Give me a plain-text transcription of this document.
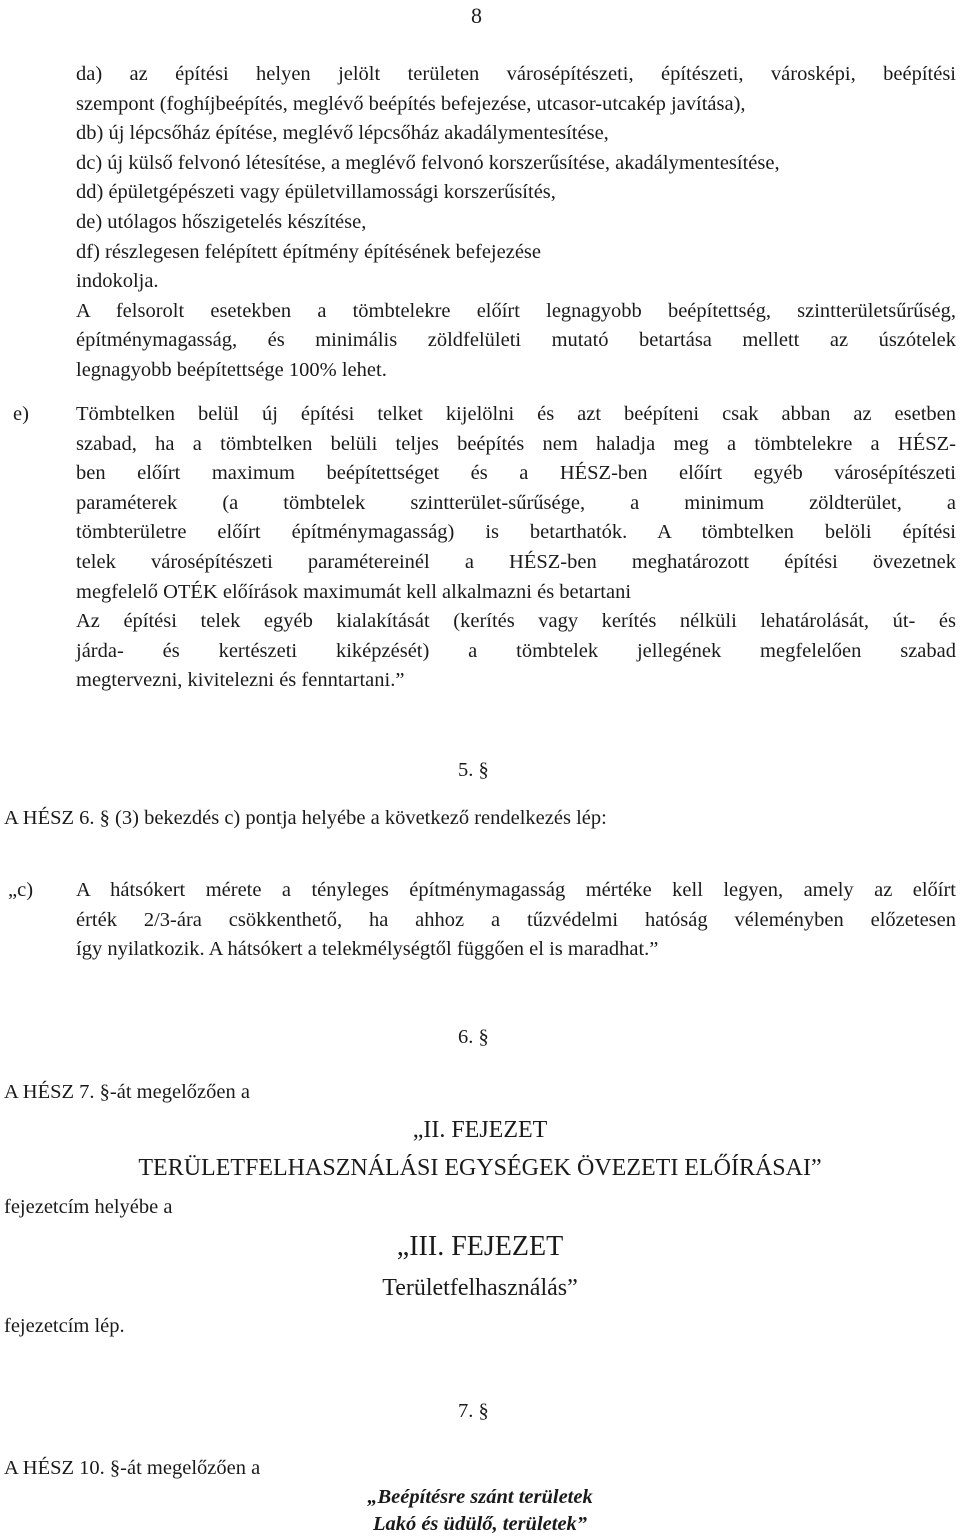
8
da) az építési helyen jelölt területen városépítészeti, építészeti, városképi, beépítési
szempont (foghíjbeépítés, meglévő beépítés befejezése, utcasor-utcakép javítása),
db) új lépcsőház építése, meglévő lépcsőház akadálymentesítése,
dc) új külső felvonó létesítése, a meglévő felvonó korszerűsítése, akadálymentesítése,
dd) épületgépészeti vagy épületvillamossági korszerűsítés,
de) utólagos hőszigetelés készítése,
df) részlegesen felépített építmény építésének befejezése
indokolja.
A felsorolt esetekben a tömbtelekre előírt legnagyobb beépítettség, szintterületsűrűség,
építménymagasság, és minimális zöldfelületi mutató betartása mellett az úszótelek
legnagyobb beépítettsége 100% lehet.
e) Tömbtelken belül új építési telket kijelölni és azt beépíteni csak abban az esetben
szabad, ha a tömbtelken belüli teljes beépítés nem haladja meg a tömbtelekre a HÉSZ-
ben előírt maximum beépítettséget és a HÉSZ-ben előírt egyéb városépítészeti
paraméterek (a tömbtelek szintterület-sűrűsége, a minimum zöldterület, a
tömbterületre előírt építménymagasság) is betarthatók. A tömbtelken belöli építési
telek városépítészeti paramétereinél a HÉSZ-ben meghatározott építési övezetnek
megfelelő OTÉK előírások maximumát kell alkalmazni és betartani
Az építési telek egyéb kialakítását (kerítés vagy kerítés nélküli lehatárolását, út- és
járda- és kertészeti kiképzését) a tömbtelek jellegének megfelelően szabad
megtervezni, kivitelezni és fenntartani.”
5. §
A HÉSZ 6. § (3) bekezdés c) pontja helyébe a következő rendelkezés lép:
„c) A hátsókert mérete a tényleges építménymagasság mértéke kell legyen, amely az előírt
érték 2/3-ára csökkenthető, ha ahhoz a tűzvédelmi hatóság véleményben előzetesen
így nyilatkozik. A hátsókert a telekmélységtől függően el is maradhat.”
6. §
A HÉSZ 7. §-át megelőzően a
„II. FEJEZET
TERÜLETFELHASZNÁLÁSI EGYSÉGEK ÖVEZETI ELŐÍRÁSAI”
fejezetcím helyébe a
„III. FEJEZET
Területfelhasználás”
fejezetcím lép.
7. §
A HÉSZ 10. §-át megelőzően a
„Beépítésre szánt területek
Lakó és üdülő, területek”
